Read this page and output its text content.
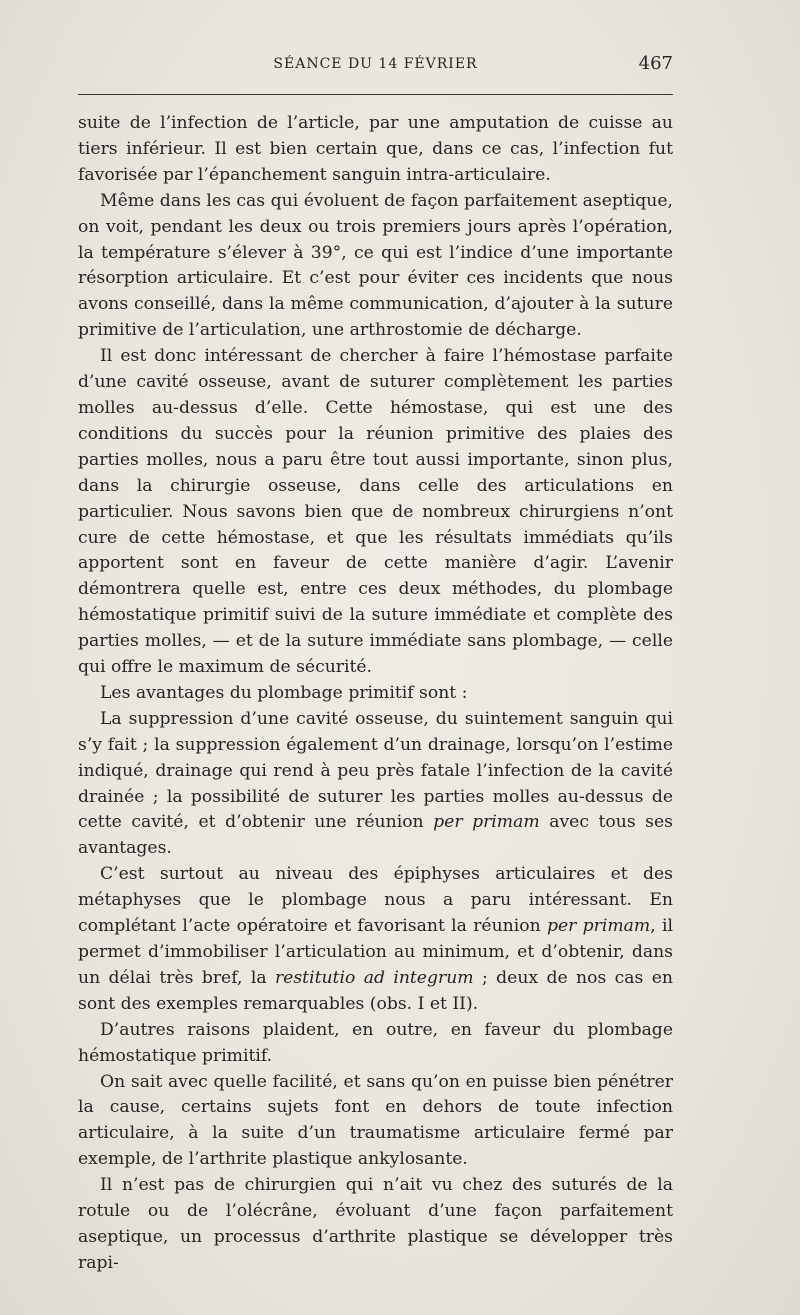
SÉANCE DU 14 FÉVRIER	467

suite de l’infection de l’article, par une amputation de cuisse au tiers inférieur. Il est bien certain que, dans ce cas, l’infection fut favorisée par l’épanchement sanguin intra-articulaire.

Même dans les cas qui évoluent de façon parfaitement aseptique, on voit, pendant les deux ou trois premiers jours après l’opération, la température s’élever à 39°, ce qui est l’indice d’une importante résorption articulaire. Et c’est pour éviter ces incidents que nous avons conseillé, dans la même communication, d’ajouter à la suture primitive de l’articulation, une arthrostomie de décharge.

Il est donc intéressant de chercher à faire l’hémostase parfaite d’une cavité osseuse, avant de suturer complètement les parties molles au-dessus d’elle. Cette hémostase, qui est une des conditions du succès pour la réunion primitive des plaies des parties molles, nous a paru être tout aussi importante, sinon plus, dans la chirurgie osseuse, dans celle des articulations en particulier. Nous savons bien que de nombreux chirurgiens n’ont cure de cette hémostase, et que les résultats immédiats qu’ils apportent sont en faveur de cette manière d’agir. L’avenir démontrera quelle est, entre ces deux méthodes, du plombage hémostatique primitif suivi de la suture immédiate et complète des parties molles, — et de la suture immédiate sans plombage, — celle qui offre le maximum de sécurité.

Les avantages du plombage primitif sont :

La suppression d’une cavité osseuse, du suintement sanguin qui s’y fait ; la suppression également d’un drainage, lorsqu’on l’estime indiqué, drainage qui rend à peu près fatale l’infection de la cavité drainée ; la possibilité de suturer les parties molles au-dessus de cette cavité, et d’obtenir une réunion per primam avec tous ses avantages.

C’est surtout au niveau des épiphyses articulaires et des métaphyses que le plombage nous a paru intéressant. En complétant l’acte opératoire et favorisant la réunion per primam, il permet d’immobiliser l’articulation au minimum, et d’obtenir, dans un délai très bref, la restitutio ad integrum ; deux de nos cas en sont des exemples remarquables (obs. I et II).

D’autres raisons plaident, en outre, en faveur du plombage hémostatique primitif.

On sait avec quelle facilité, et sans qu’on en puisse bien pénétrer la cause, certains sujets font en dehors de toute infection articulaire, à la suite d’un traumatisme articulaire fermé par exemple, de l’arthrite plastique ankylosante.

Il n’est pas de chirurgien qui n’ait vu chez des suturés de la rotule ou de l’olécrâne, évoluant d’une façon parfaitement aseptique, un processus d’arthrite plastique se développer très rapi-
